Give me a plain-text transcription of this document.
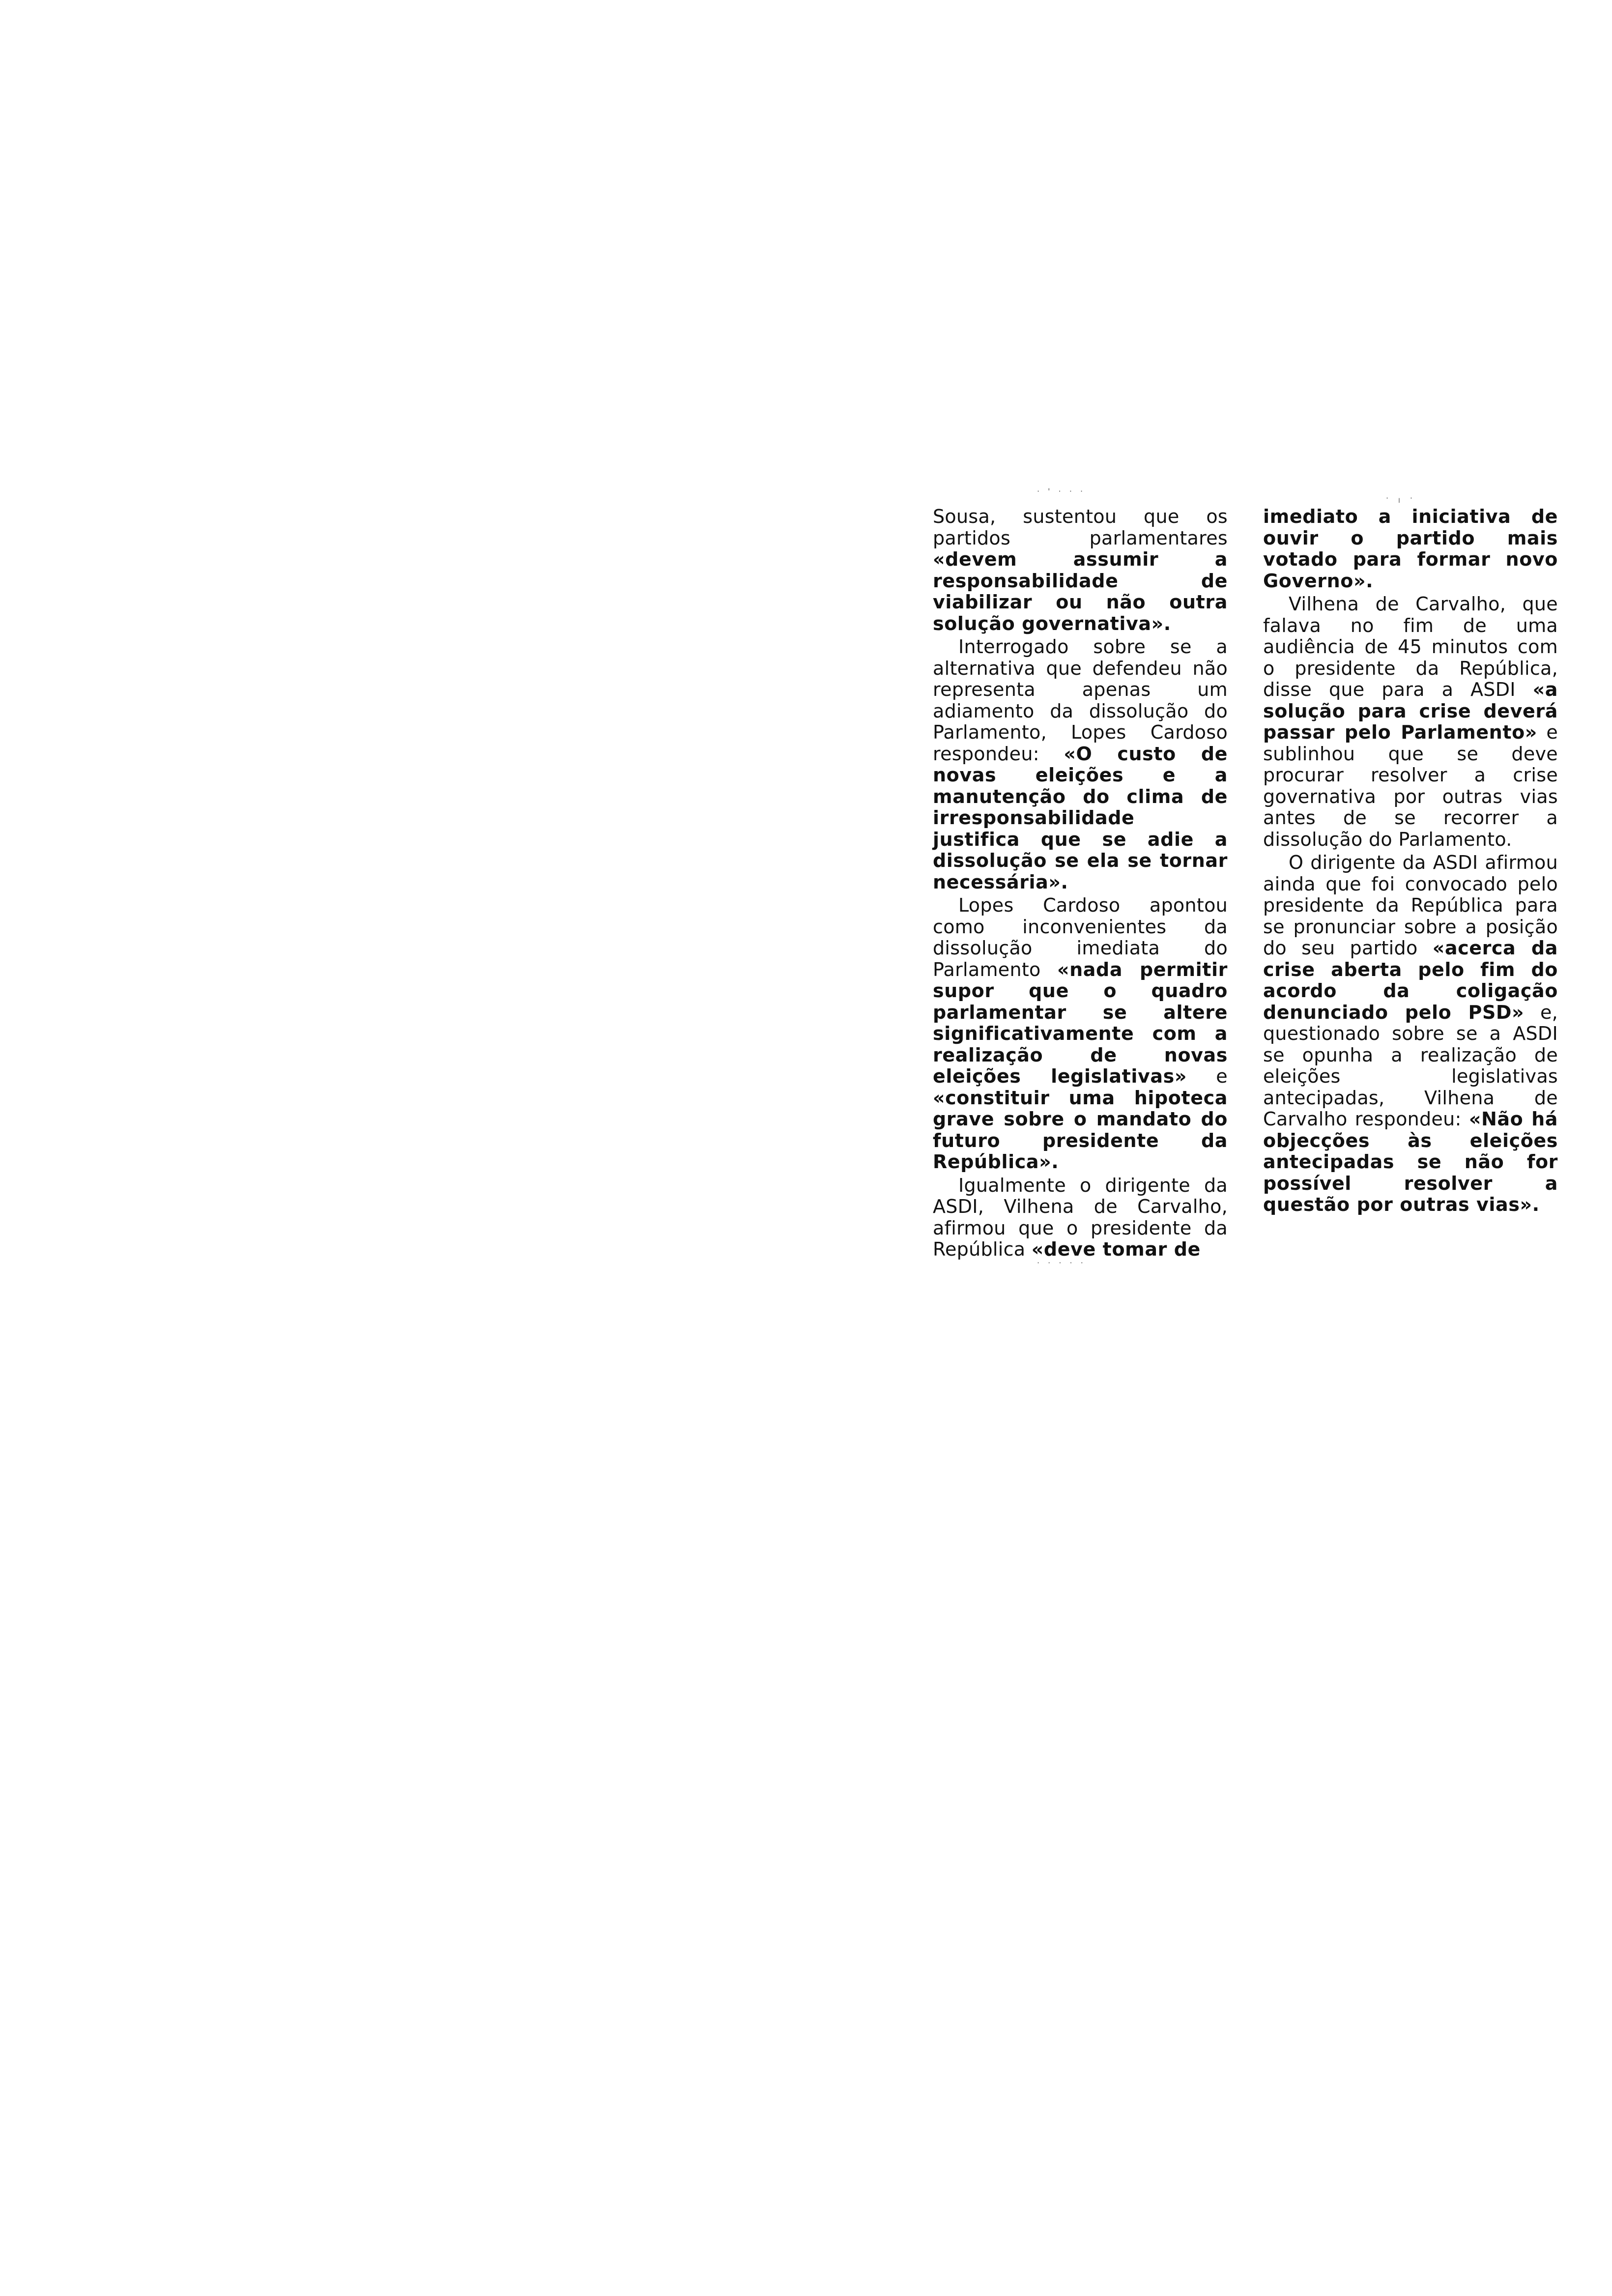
· ' · · ·
· ╷ ·

Sousa, sustentou que os partidos parlamentares «devem assumir a responsabilidade de viabilizar ou não outra solução governativa».

Interrogado sobre se a alternativa que defendeu não representa apenas um adiamento da dissolução do Parlamento, Lopes Cardoso respondeu: «O custo de novas eleições e a manutenção do clima de irresponsabilidade justifica que se adie a dissolução se ela se tornar necessária».

Lopes Cardoso apontou como inconvenientes da dissolução imediata do Parlamento «nada permitir supor que o quadro parlamentar se altere significativamente com a realização de novas eleições legislativas» e «constituir uma hipoteca grave sobre o mandato do futuro presidente da República».

Igualmente o dirigente da ASDI, Vilhena de Carvalho, afirmou que o presidente da República «deve tomar de

imediato a iniciativa de ouvir o partido mais votado para formar novo Governo».

Vilhena de Carvalho, que falava no fim de uma audiência de 45 minutos com o presidente da República, disse que para a ASDI «a solução para crise deverá passar pelo Parlamento» e sublinhou que se deve procurar resolver a crise governativa por outras vias antes de se recorrer a dissolução do Parlamento.

O dirigente da ASDI afirmou ainda que foi convocado pelo presidente da República para se pronunciar sobre a posição do seu partido «acerca da crise aberta pelo fim do acordo da coligação denunciado pelo PSD» e, questionado sobre se a ASDI se opunha a realização de eleições legislativas antecipadas, Vilhena de Carvalho respondeu: «Não há objecções às eleições antecipadas se não for possível resolver a questão por outras vias».

· · · · ·
